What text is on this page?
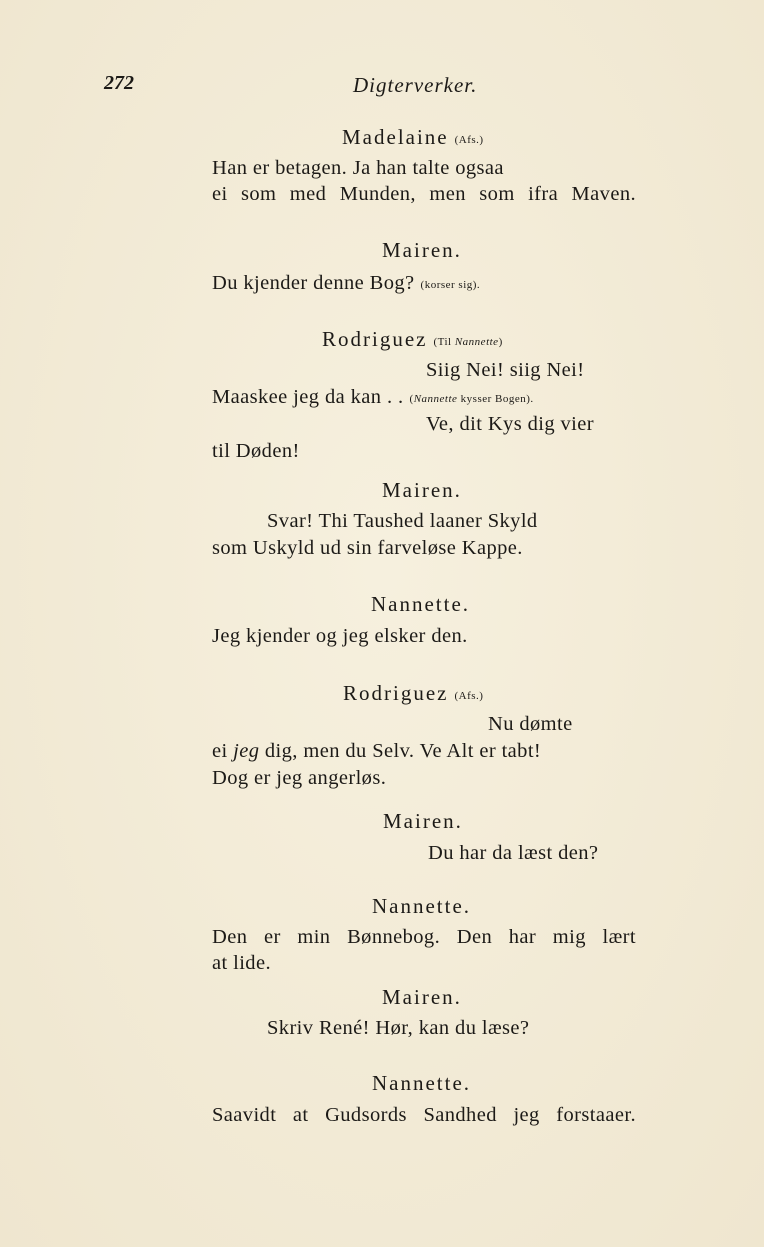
272	Digterverker.
Madelaine (Afs.)
Han er betagen. Ja han talte ogsaa
ei som med Munden, men som ifra Maven.
Mairen.
Du kjender denne Bog? (korser sig).
Rodriguez (Til Nannette)
Siig Nei! siig Nei!
Maaskee jeg da kan . . (Nannette kysser Bogen).
Ve, dit Kys dig vier
til Døden!
Mairen.
Svar! Thi Taushed laaner Skyld
som Uskyld ud sin farveløse Kappe.
Nannette.
Jeg kjender og jeg elsker den.
Rodriguez (Afs.)
Nu dømte
ei jeg dig, men du Selv. Ve Alt er tabt!
Dog er jeg angerløs.
Mairen.
Du har da læst den?
Nannette.
Den er min Bønnebog. Den har mig lært
at lide.
Mairen.
Skriv René! Hør, kan du læse?
Nannette.
Saavidt at Gudsords Sandhed jeg forstaaer.
